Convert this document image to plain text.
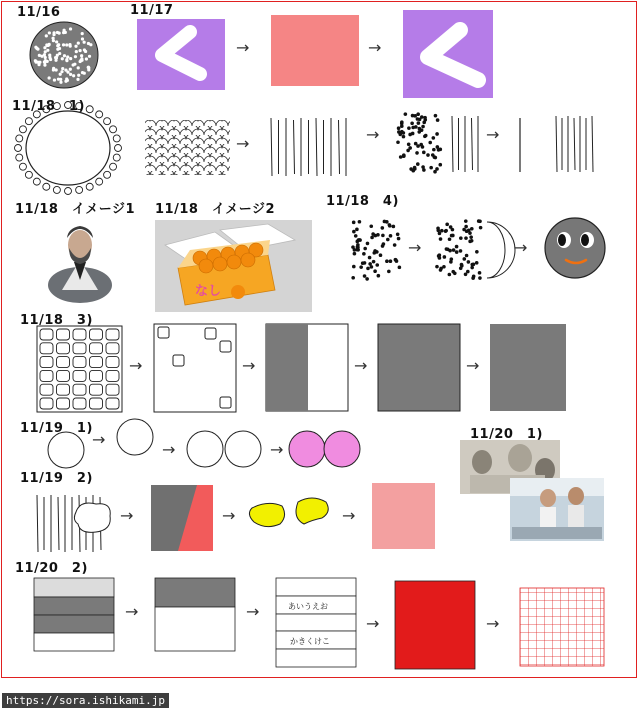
なし
あいうえお
かきくけこ
11/16	11/17
11/18　1)
11/18　イメージ1 11/18　イメージ2
11/18　4)
11/18　3)
11/19　1)	11/20　1)
11/19　2)
11/20　2)
→	→
→	→	→
→	→
→	→	→	→
→
→	→
→	→	→
→	→
→	→
https://sora.ishikami.jp
